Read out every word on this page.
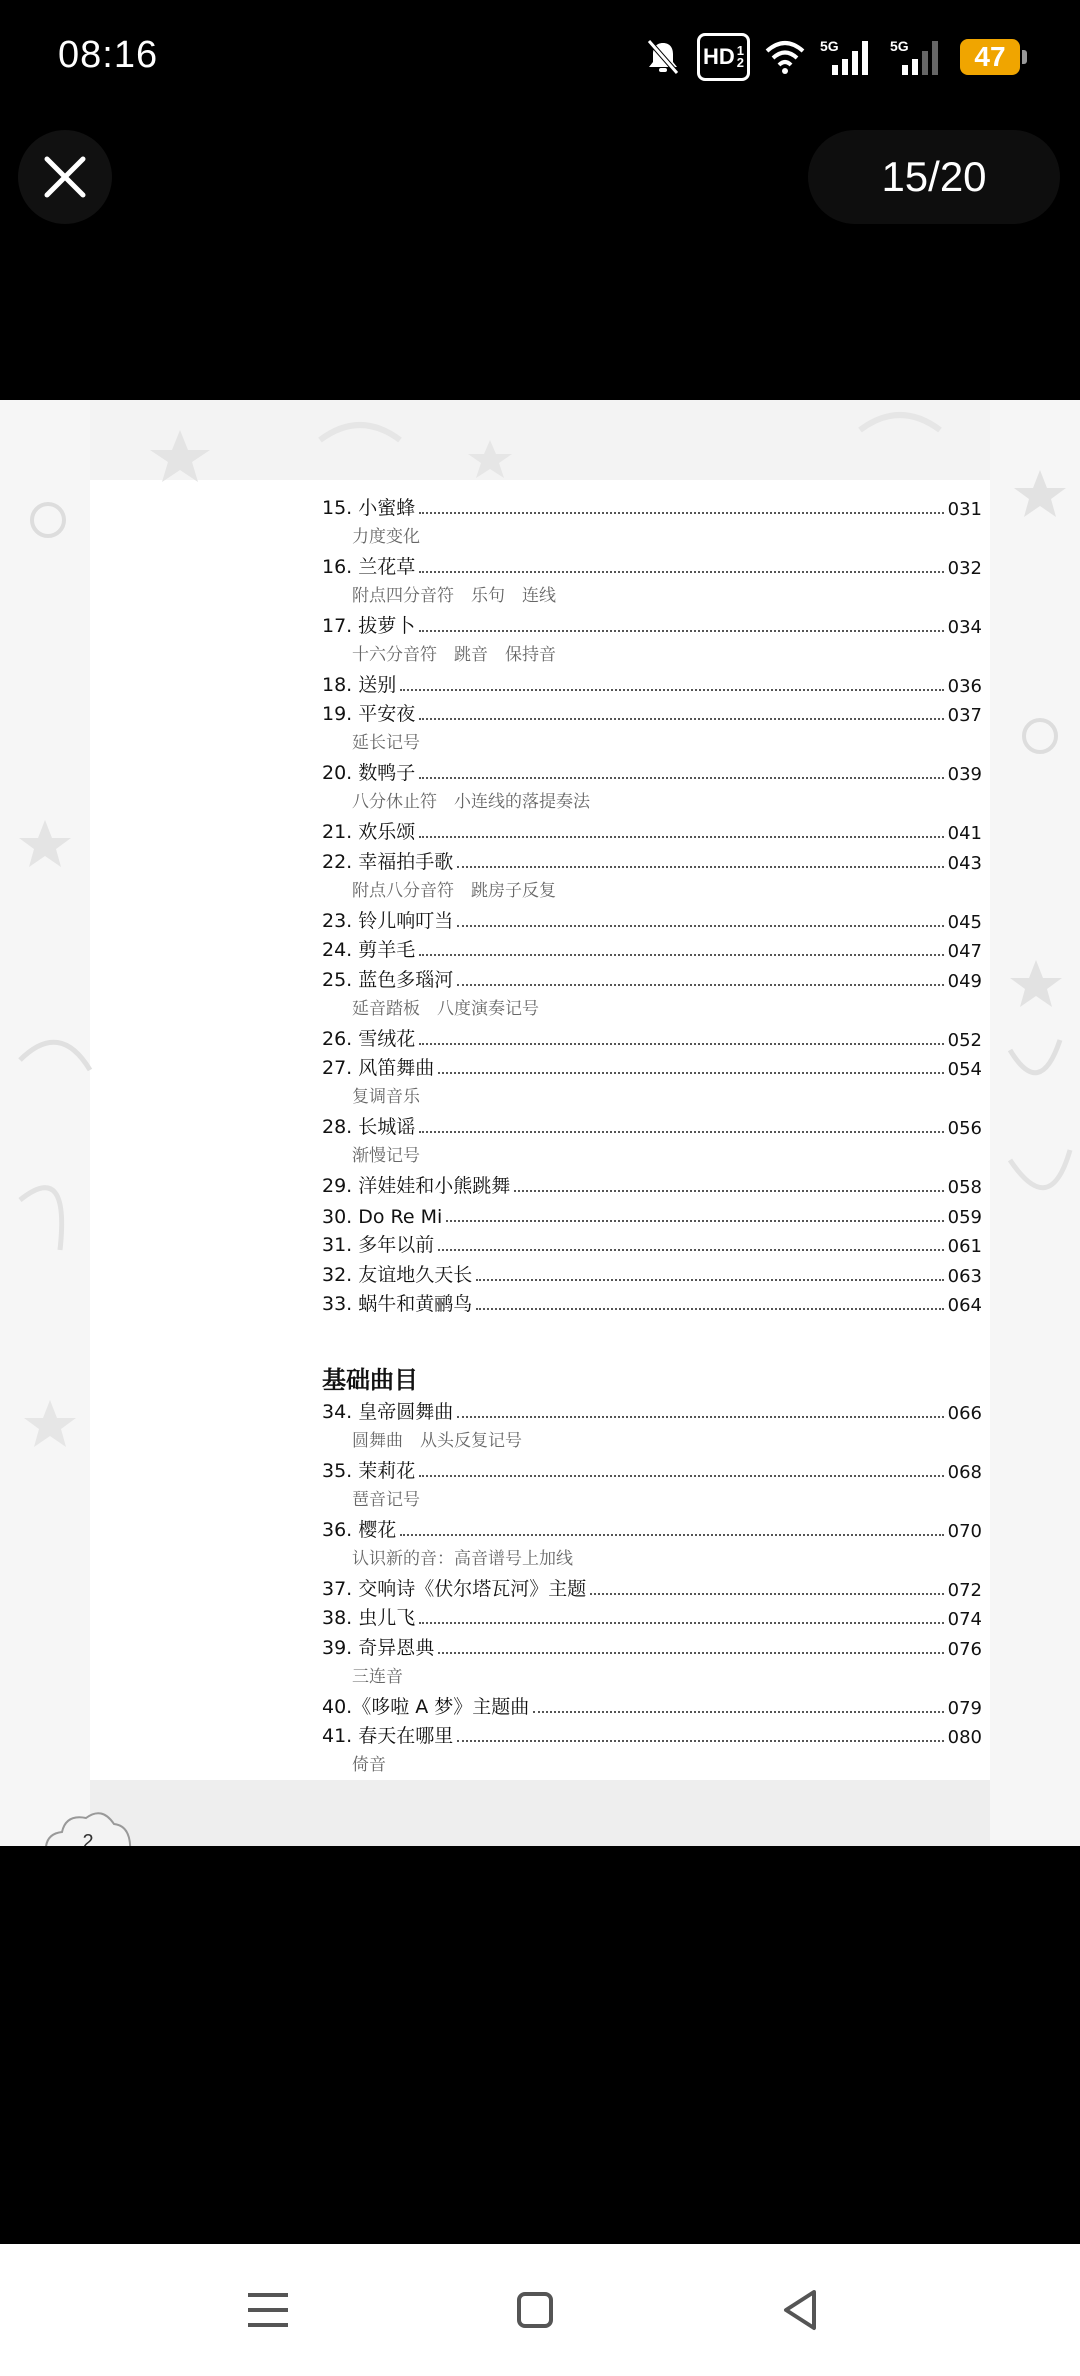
08:16	HD 1
2
5G	5G	47
15/20
15. 小蜜蜂	031
力度变化
16. 兰花草	032
附点四分音符　乐句　连线
17. 拔萝卜	034
十六分音符　跳音　保持音
18. 送别	036
19. 平安夜	037
延长记号
20. 数鸭子	039
八分休止符　小连线的落提奏法
21. 欢乐颂	041
22. 幸福拍手歌	043
附点八分音符　跳房子反复
23. 铃儿响叮当	045
24. 剪羊毛	047
25. 蓝色多瑙河	049
延音踏板　八度演奏记号
26. 雪绒花	052
27. 风笛舞曲	054
复调音乐
28. 长城谣	056
渐慢记号
29. 洋娃娃和小熊跳舞	058
30. Do Re Mi	059
31. 多年以前	061
32. 友谊地久天长	063
33. 蜗牛和黄鹂鸟	064
基础曲目
34. 皇帝圆舞曲	066
圆舞曲　从头反复记号
35. 茉莉花	068
琶音记号
36. 樱花	070
认识新的音：高音谱号上加线
37. 交响诗《伏尔塔瓦河》主题	072
38. 虫儿飞	074
39. 奇异恩典	076
三连音
40.《哆啦 A 梦》主题曲	079
41. 春天在哪里	080
倚音
2
